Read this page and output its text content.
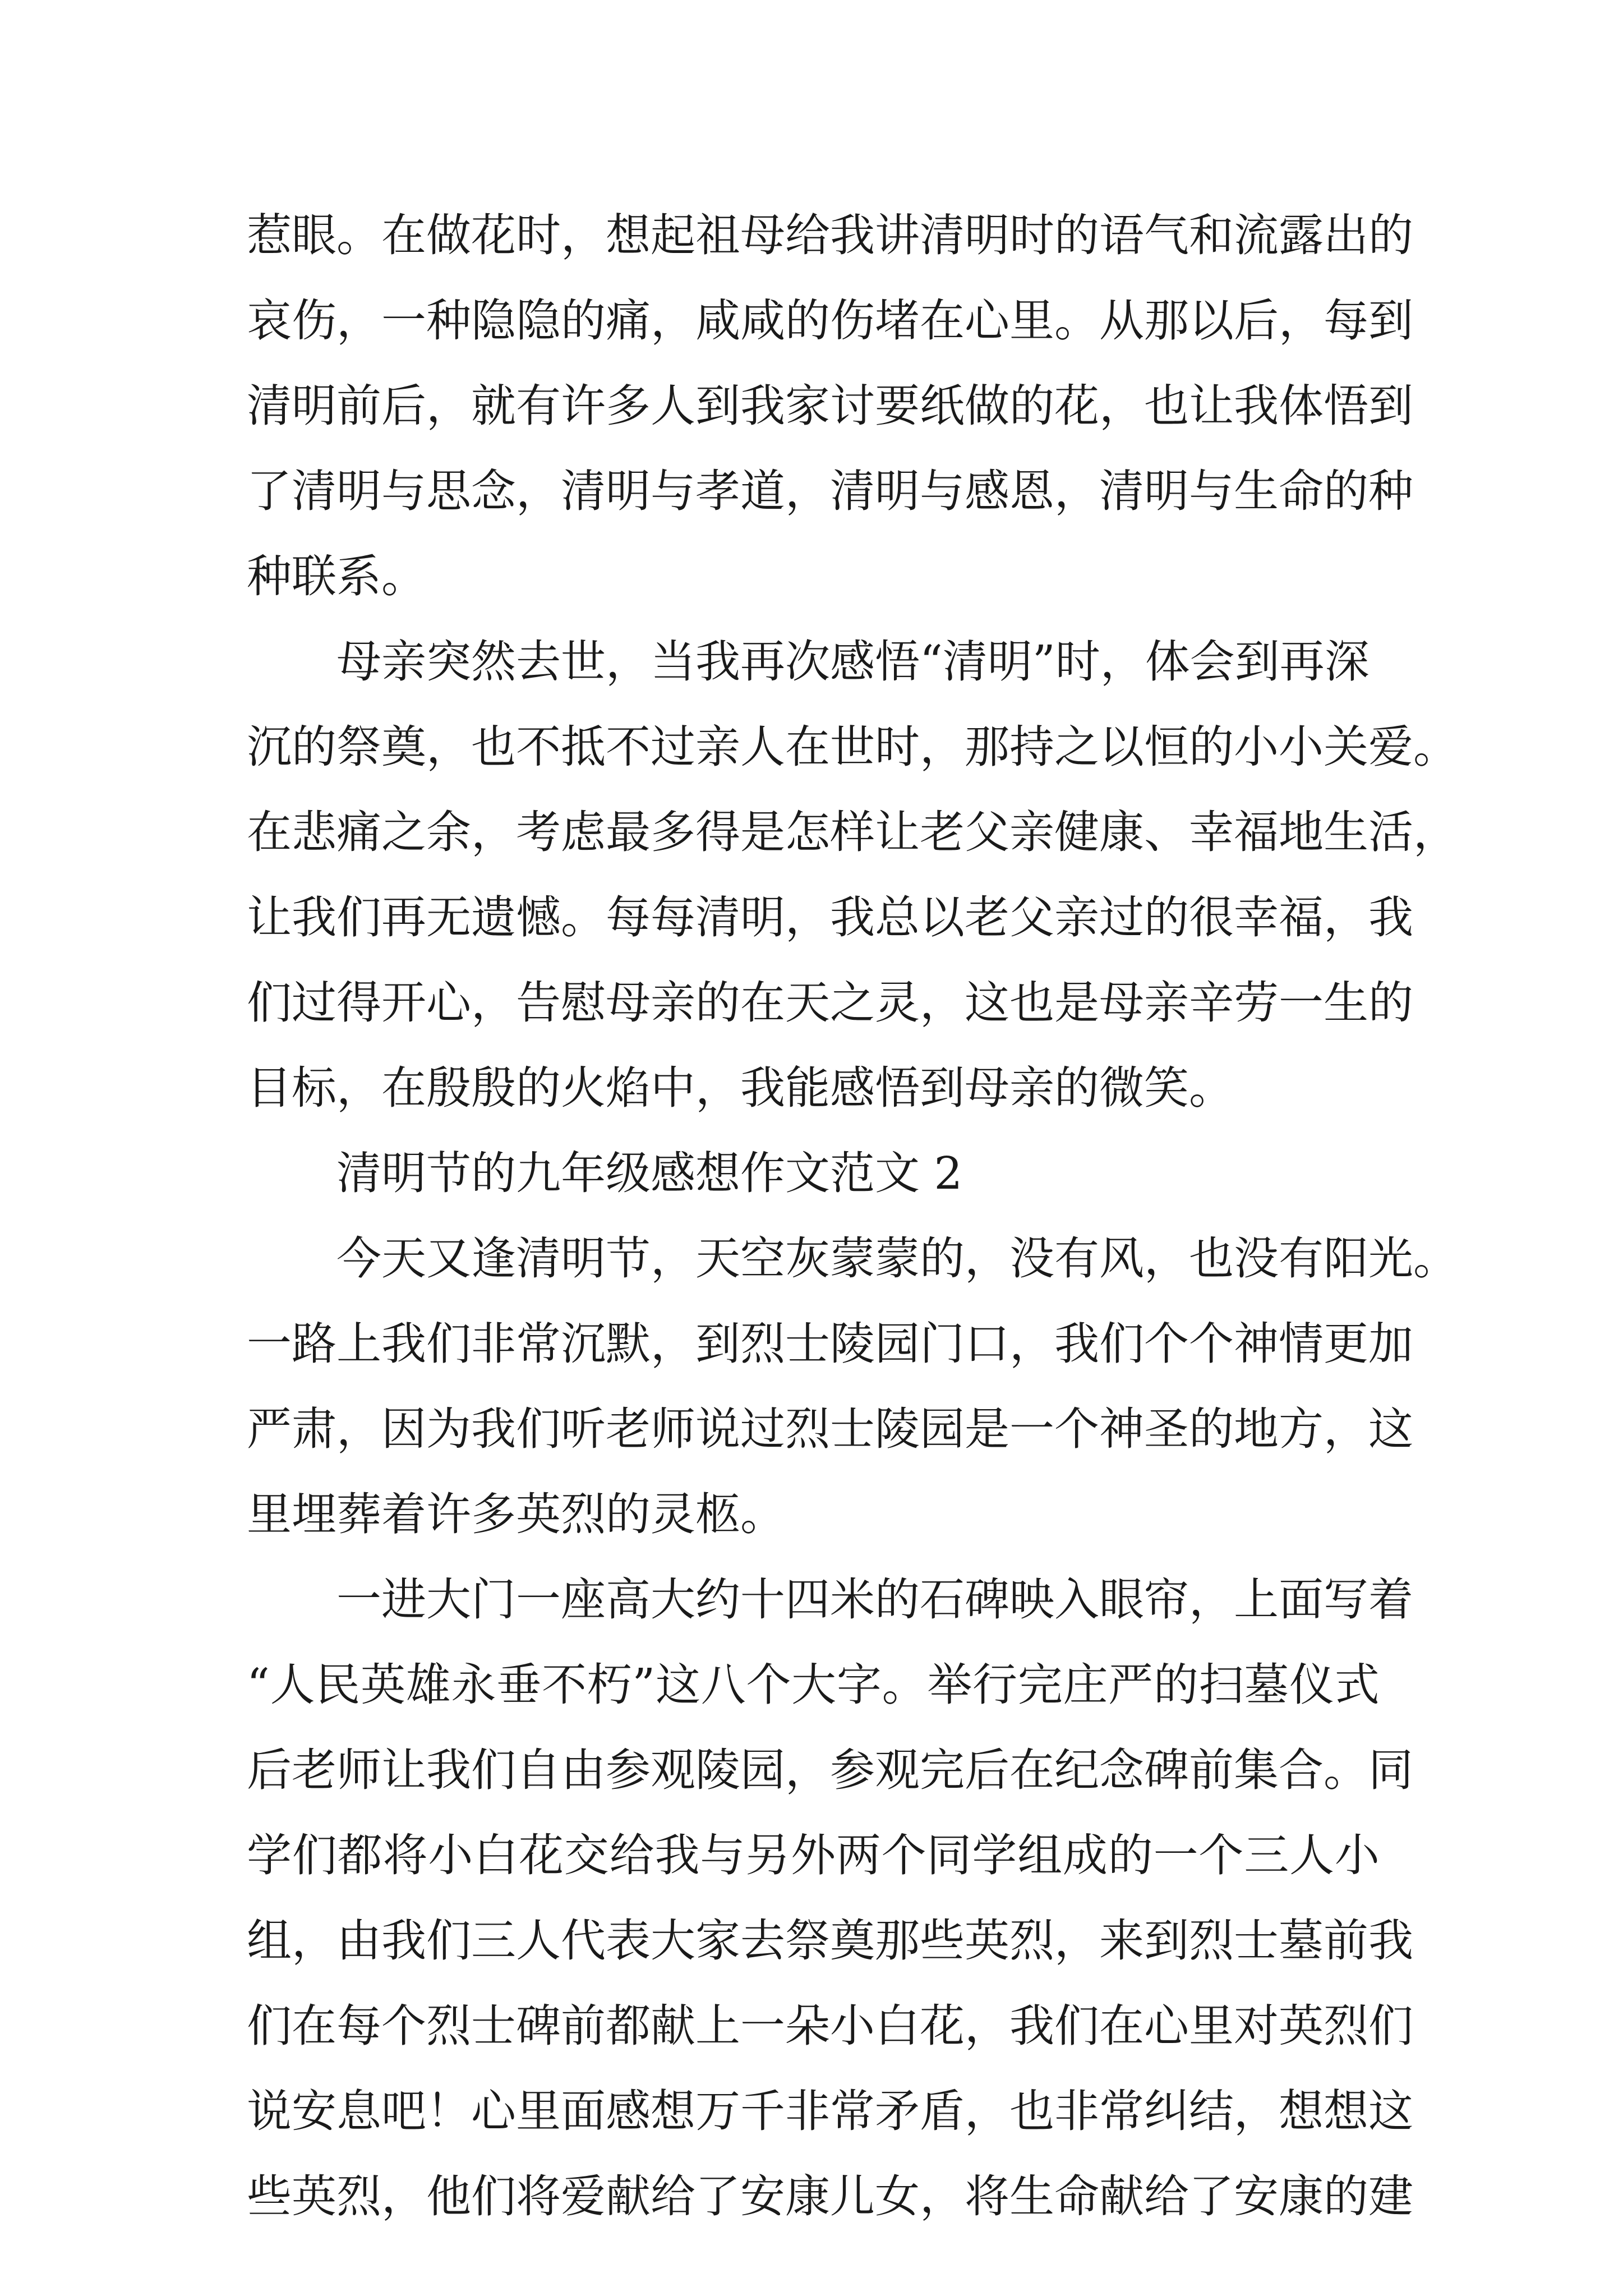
惹 眼 。 在 做 花 时 ， 想 起 祖 母 给 我 讲 清 明 时 的 语 气 和 流 露 出 的
哀 伤 ， 一 种 隐 隐 的 痛 ， 咸 咸 的 伤 堵 在 心 里 。 从 那 以 后 ， 每 到
清 明 前 后 ， 就 有 许 多 人 到 我 家 讨 要 纸 做 的 花 ， 也 让 我 体 悟 到
了 清 明 与 思 念 ， 清 明 与 孝 道 ， 清 明 与 感 恩 ， 清 明 与 生 命 的 种
种联系。
母亲突然去世，当我再次感悟“清明”时，体会到再深
沉的祭奠，也不抵不过亲人在世时，那持之以恒的小小关爱。
在悲痛之余，考虑最多得是怎样让老父亲健康、幸福地生活，
让 我 们 再 无 遗 憾 。 每 每 清 明 ， 我 总 以 老 父 亲 过 的 很 幸 福 ， 我
们 过 得 开 心 ， 告 慰 母 亲 的 在 天 之 灵 ， 这 也 是 母 亲 辛 劳 一 生 的
目标，在殷殷的火焰中，我能感悟到母亲的微笑。
清明节的九年级感想作文范文 2
今天又逢清明节，天空灰蒙蒙的，没有风，也没有阳光。
一 路 上 我 们 非 常 沉 默 ， 到 烈 士 陵 园 门 口 ， 我 们 个 个 神 情 更 加
严 肃 ， 因 为 我 们 听 老 师 说 过 烈 士 陵 园 是 一 个 神 圣 的 地 方 ， 这
里埋葬着许多英烈的灵柩。
一进大门一座高大约十四米的石碑映入眼帘，上面写着
“ 人 民 英 雄 永 垂 不 朽 ” 这 八 个 大 字 。 举 行 完 庄 严 的 扫 墓 仪 式
后 老 师 让 我 们 自 由 参 观 陵 园 ， 参 观 完 后 在 纪 念 碑 前 集 合 。 同
学 们 都 将 小 白 花 交 给 我 与 另 外 两 个 同 学 组 成 的 一 个 三 人 小
组 ， 由 我 们 三 人 代 表 大 家 去 祭 奠 那 些 英 烈 ， 来 到 烈 士 墓 前 我
们 在 每 个 烈 士 碑 前 都 献 上 一 朵 小 白 花 ， 我 们 在 心 里 对 英 烈 们
说 安 息 吧 ！ 心 里 面 感 想 万 千 非 常 矛 盾 ， 也 非 常 纠 结 ， 想 想 这
些 英 烈 ， 他 们 将 爱 献 给 了 安 康 儿 女 ， 将 生 命 献 给 了 安 康 的 建
